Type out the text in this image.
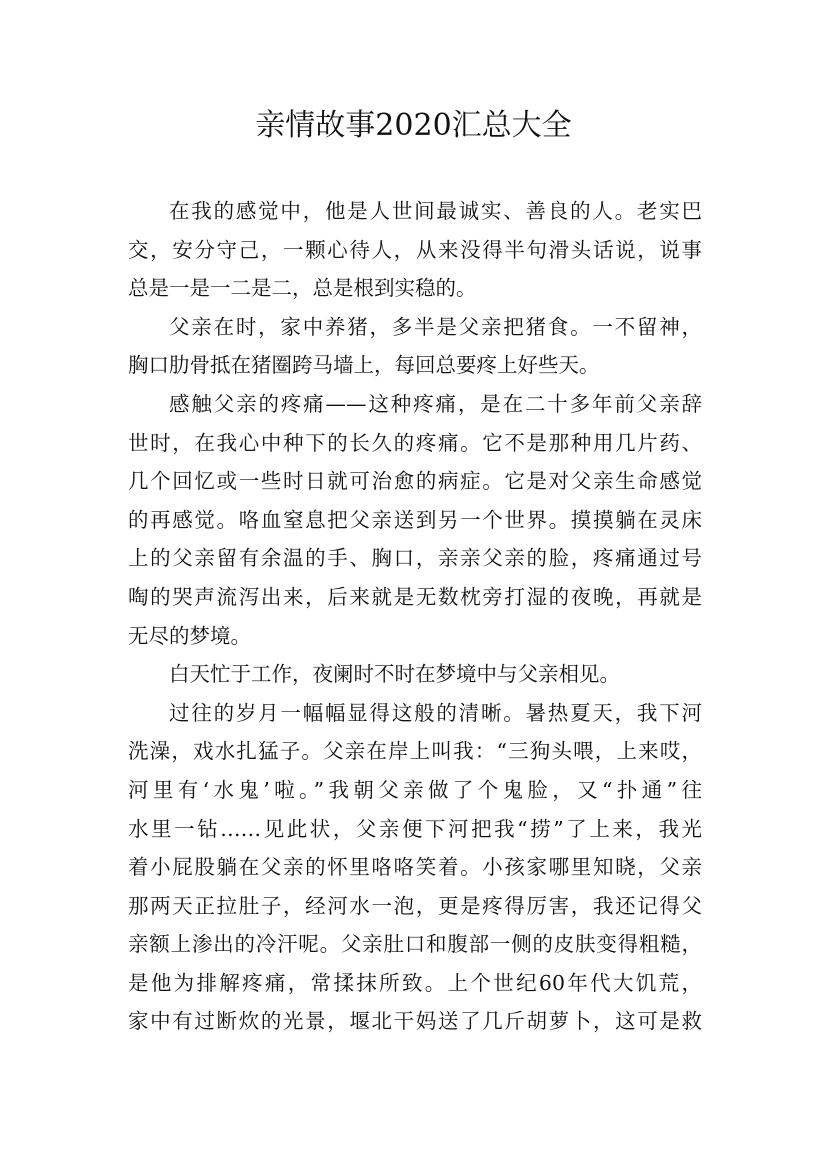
亲情故事2020汇总大全

在我的感觉中，他是人世间最诚实、善良的人。老实巴

交，安分守己，一颗心待人，从来没得半句滑头话说，说事

总是一是一二是二，总是根到实稳的。

父亲在时，家中养猪，多半是父亲把猪食。一不留神，

胸口肋骨抵在猪圈跨马墙上，每回总要疼上好些天。

感触父亲的疼痛——这种疼痛，是在二十多年前父亲辞

世时，在我心中种下的长久的疼痛。它不是那种用几片药、

几个回忆或一些时日就可治愈的病症。它是对父亲生命感觉

的再感觉。咯血窒息把父亲送到另一个世界。摸摸躺在灵床

上的父亲留有余温的手、胸口，亲亲父亲的脸，疼痛通过号

啕的哭声流泻出来，后来就是无数枕旁打湿的夜晚，再就是

无尽的梦境。

白天忙于工作，夜阑时不时在梦境中与父亲相见。

过往的岁月一幅幅显得这般的清晰。暑热夏天，我下河

洗澡，戏水扎猛子。父亲在岸上叫我：“三狗头喂，上来哎，

河里有‘水鬼’啦。”我朝父亲做了个鬼脸，又“扑通”往

水里一钻……见此状，父亲便下河把我“捞”了上来，我光

着小屁股躺在父亲的怀里咯咯笑着。小孩家哪里知晓，父亲

那两天正拉肚子，经河水一泡，更是疼得厉害，我还记得父

亲额上渗出的冷汗呢。父亲肚口和腹部一侧的皮肤变得粗糙，

是他为排解疼痛，常揉抹所致。上个世纪60年代大饥荒，

家中有过断炊的光景，堰北干妈送了几斤胡萝卜，这可是救
